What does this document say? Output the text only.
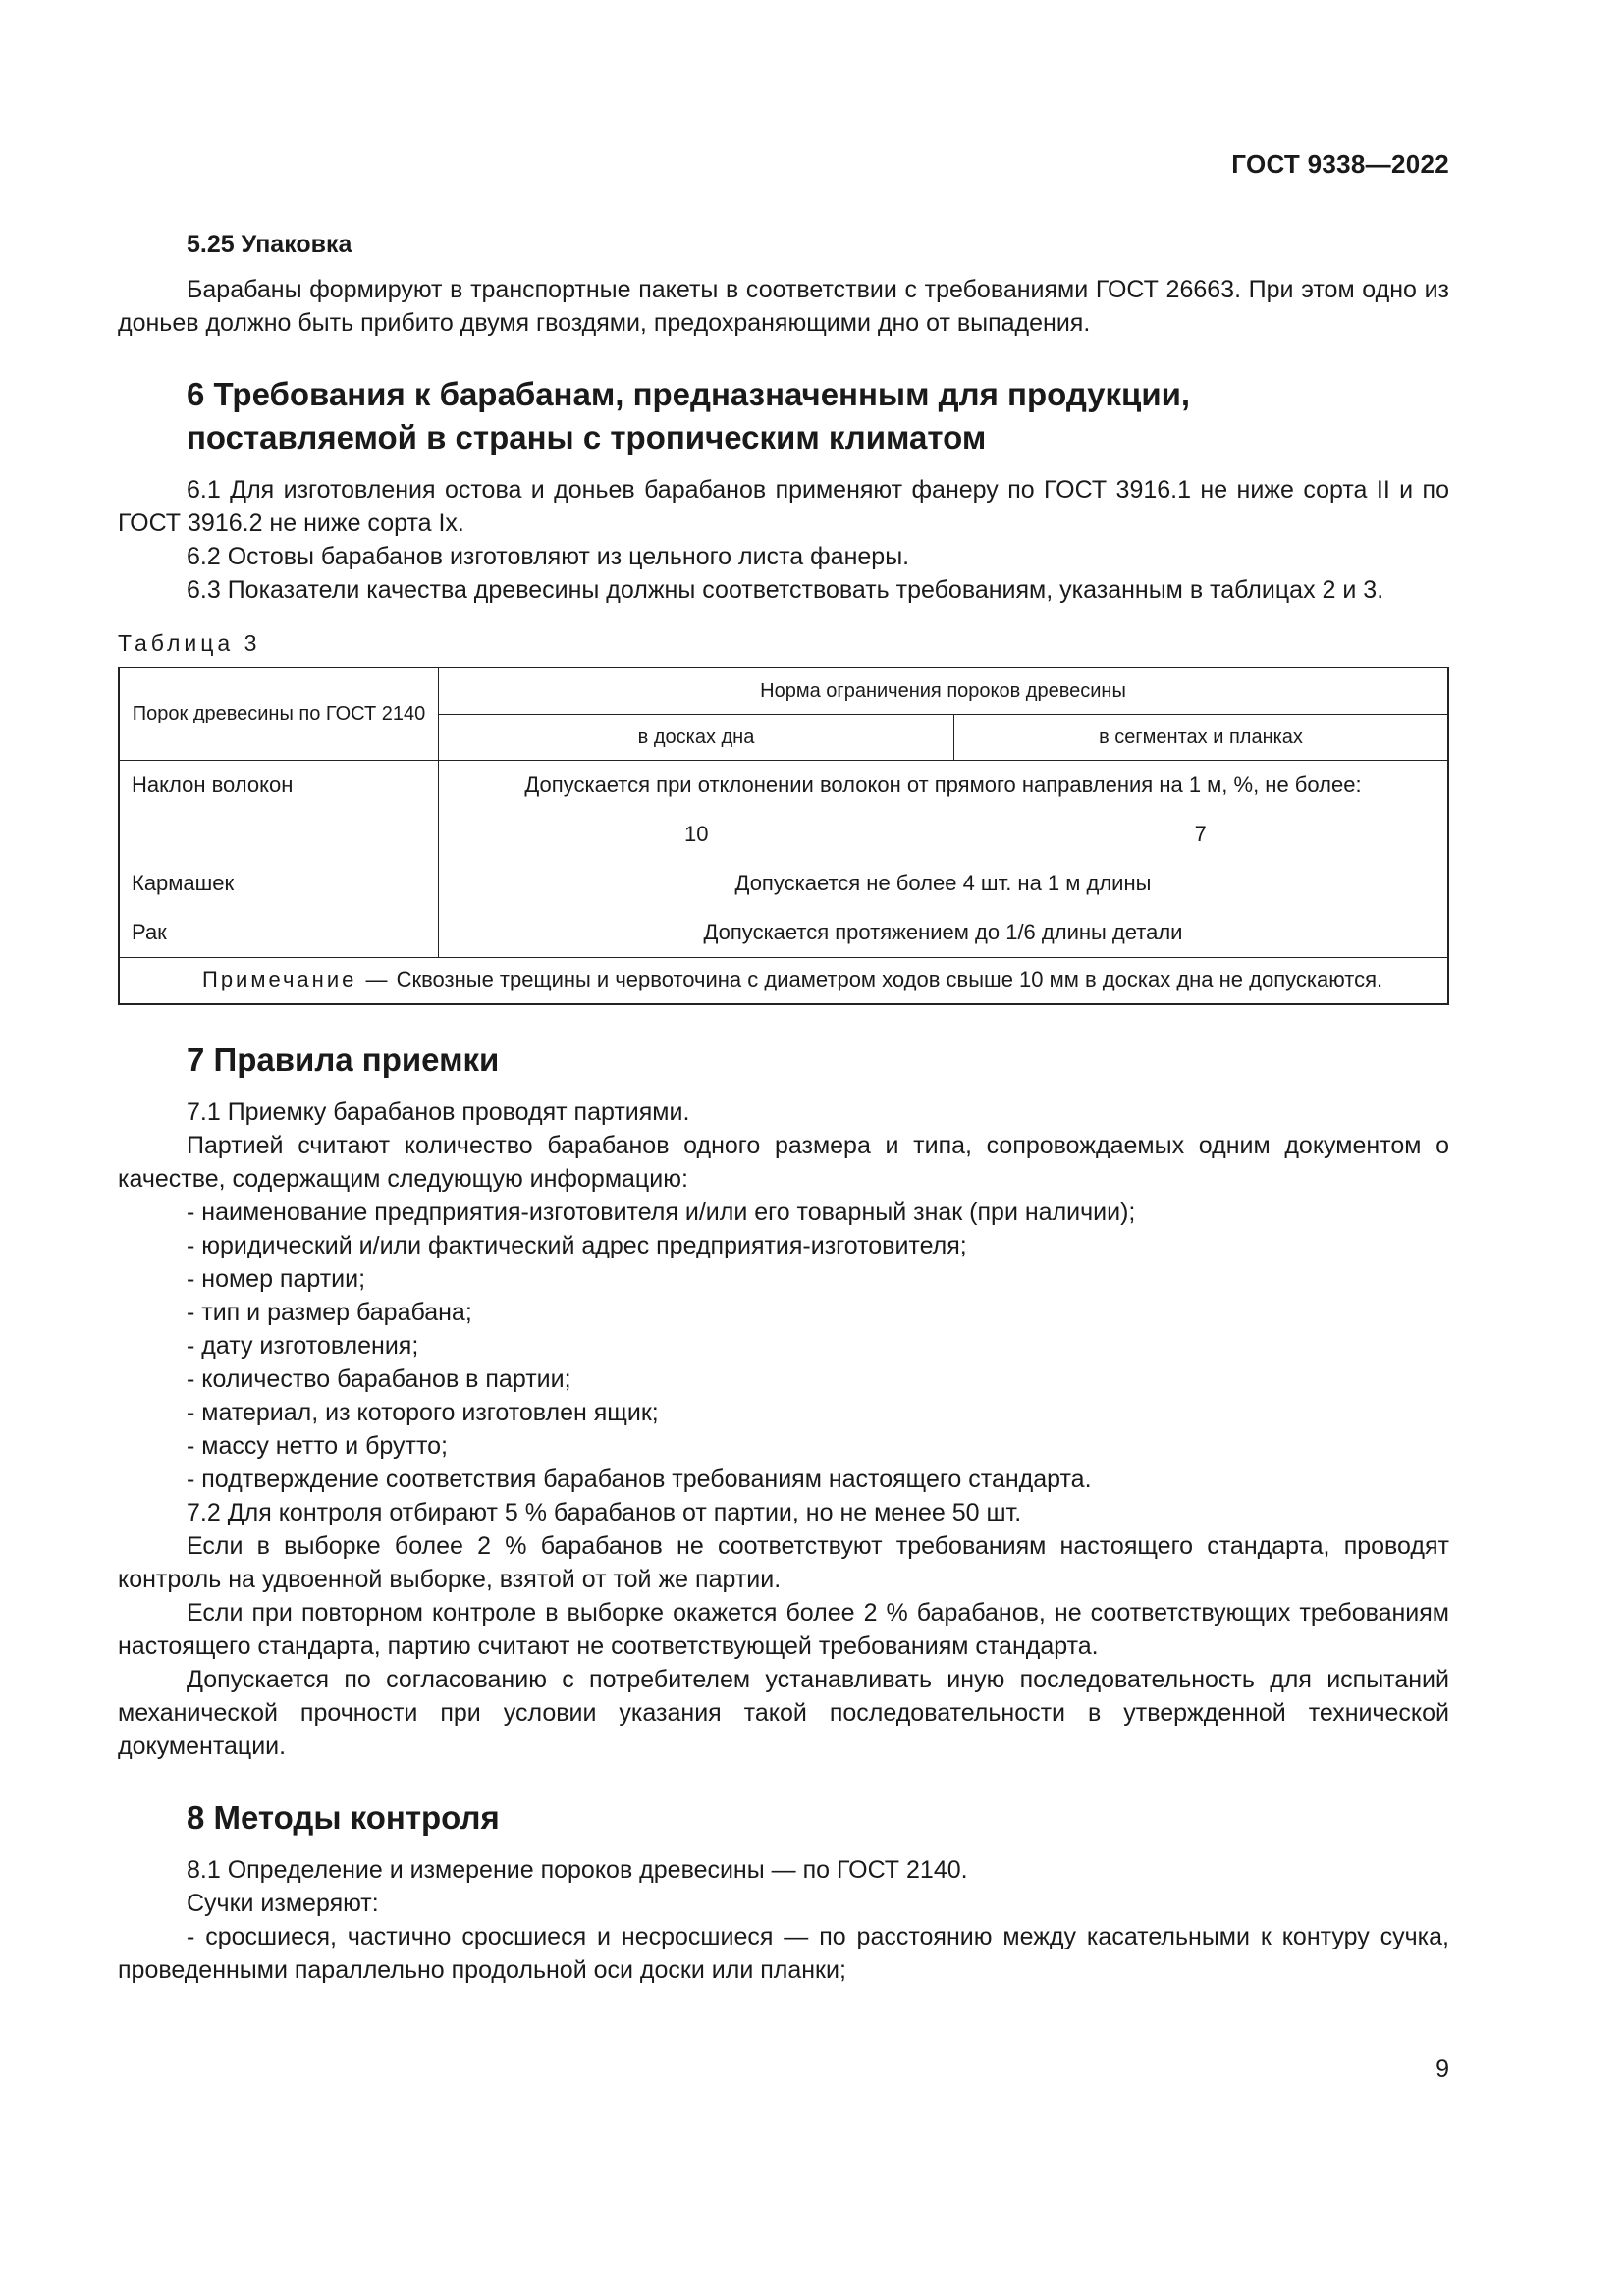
ГОСТ 9338—2022
5.25 Упаковка

Барабаны формируют в транспортные пакеты в соответствии с требованиями ГОСТ 26663. При этом одно из доньев должно быть прибито двумя гвоздями, предохраняющими дно от выпадения.

6 Требования к барабанам, предназначенным для продукции,
поставляемой в страны с тропическим климатом

6.1 Для изготовления остова и доньев барабанов применяют фанеру по ГОСТ 3916.1 не ниже сорта II и по ГОСТ 3916.2 не ниже сорта Ix.

6.2 Остовы барабанов изготовляют из цельного листа фанеры.

6.3 Показатели качества древесины должны соответствовать требованиям, указанным в таблицах 2 и 3.

Таблица 3
Порок древесины по ГОСТ 2140	Норма ограничения пороков древесины	
	в досках дна	в сегментах и планках
Наклон волокон	Допускается при отклонении волокон от прямого направления на 1 м, %, не более:	
	10	7
Кармашек	Допускается не более 4 шт. на 1 м длины	
Рак	Допускается протяжением до 1/6 длины детали	
Примечание — Сквозные трещины и червоточина с диаметром ходов свыше 10 мм в досках дна не допускаются.		
7 Правила приемки

7.1 Приемку барабанов проводят партиями.

Партией считают количество барабанов одного размера и типа, сопровождаемых одним документом о качестве, содержащим следующую информацию:

- наименование предприятия-изготовителя и/или его товарный знак (при наличии);

- юридический и/или фактический адрес предприятия-изготовителя;

- номер партии;

- тип и размер барабана;

- дату изготовления;

- количество барабанов в партии;

- материал, из которого изготовлен ящик;

- массу нетто и брутто;

- подтверждение соответствия барабанов требованиям настоящего стандарта.

7.2 Для контроля отбирают 5 % барабанов от партии, но не менее 50 шт.

Если в выборке более 2 % барабанов не соответствуют требованиям настоящего стандарта, проводят контроль на удвоенной выборке, взятой от той же партии.

Если при повторном контроле в выборке окажется более 2 % барабанов, не соответствующих требованиям настоящего стандарта, партию считают не соответствующей требованиям стандарта.

Допускается по согласованию с потребителем устанавливать иную последовательность для испытаний механической прочности при условии указания такой последовательности в утвержденной технической документации.

8 Методы контроля

8.1 Определение и измерение пороков древесины — по ГОСТ 2140.

Сучки измеряют:

- сросшиеся, частично сросшиеся и несросшиеся — по расстоянию между касательными к контуру сучка, проведенными параллельно продольной оси доски или планки;

9
